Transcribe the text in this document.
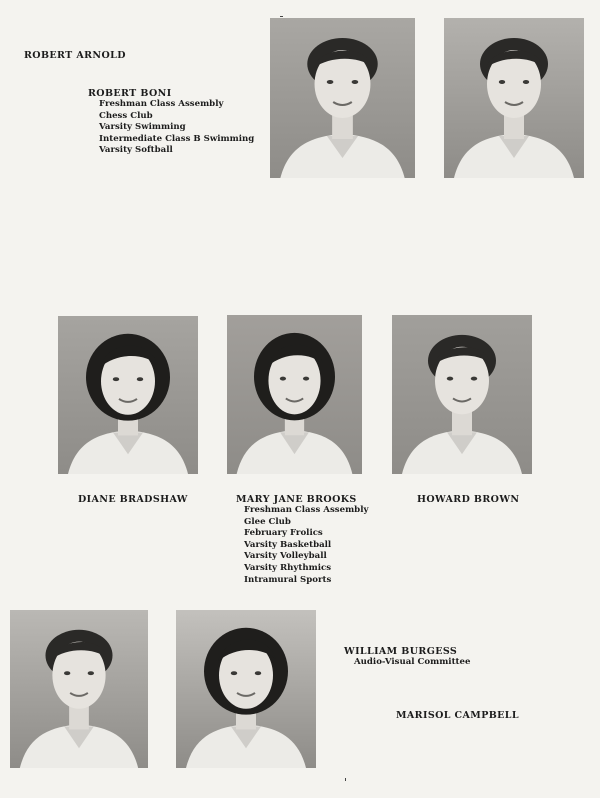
ROBERT ARNOLD

ROBERT BONI

Freshman Class Assembly
Chess Club
Varsity Swimming
Intermediate Class B Swimming
Varsity Softball

DIANE BRADSHAW	MARY JANE BROOKS

Freshman Class Assembly
Glee Club
February Frolics
Varsity Basketball
Varsity Volleyball
Varsity Rhythmics
Intramural Sports

HOWARD BROWN

WILLIAM BURGESS

Audio-Visual Committee

MARISOL CAMPBELL
